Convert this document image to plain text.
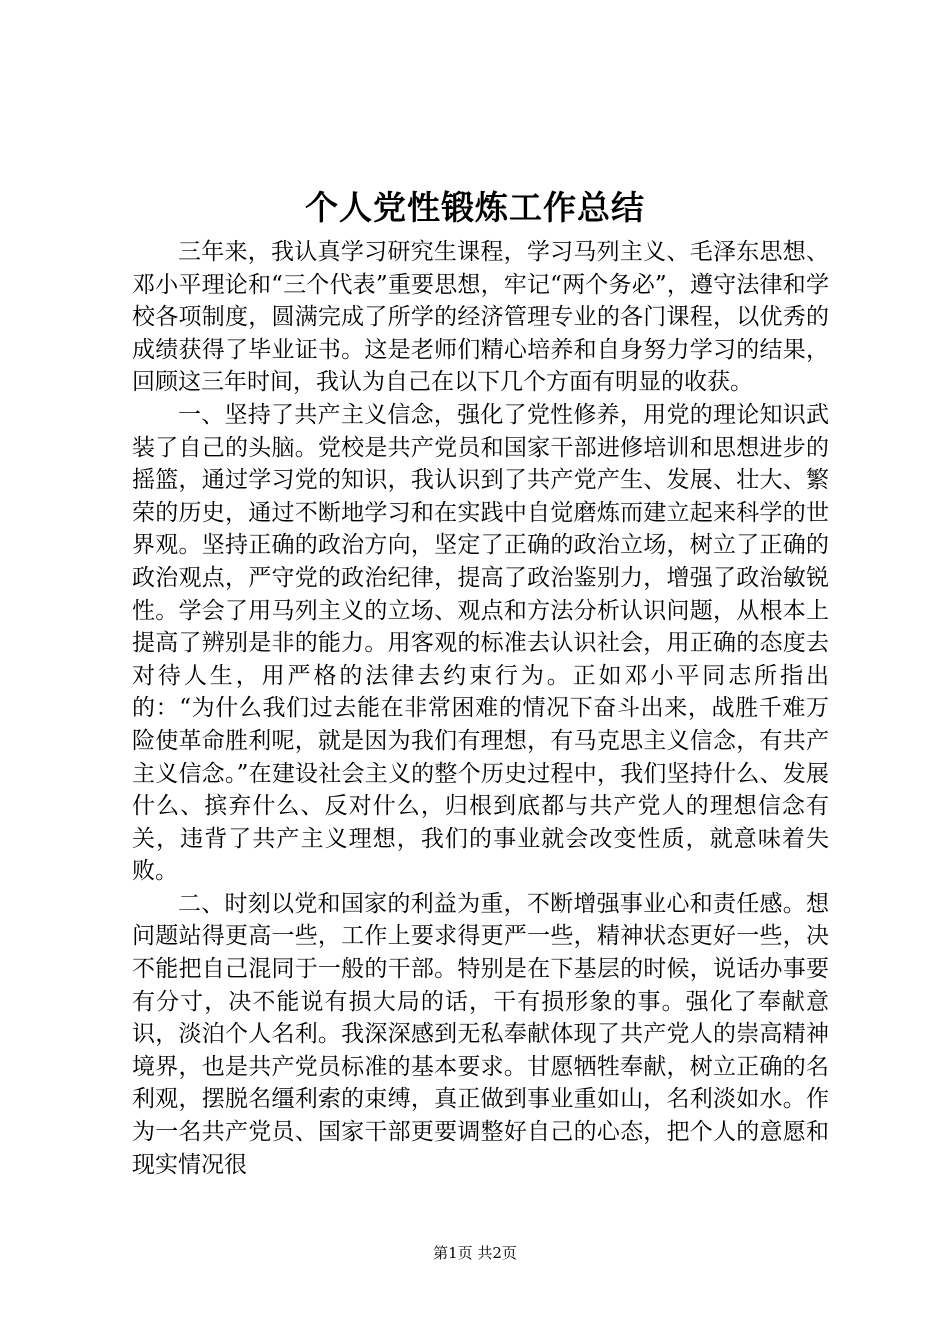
个人党性锻炼工作总结

三年来，我认真学习研究生课程，学习马列主义、毛泽东思想、邓小平理论和“三个代表”重要思想，牢记“两个务必”，遵守法律和学校各项制度，圆满完成了所学的经济管理专业的各门课程，以优秀的成绩获得了毕业证书。这是老师们精心培养和自身努力学习的结果，回顾这三年时间，我认为自己在以下几个方面有明显的收获。

一、坚持了共产主义信念，强化了党性修养，用党的理论知识武装了自己的头脑。党校是共产党员和国家干部进修培训和思想进步的摇篮，通过学习党的知识，我认识到了共产党产生、发展、壮大、繁荣的历史，通过不断地学习和在实践中自觉磨炼而建立起来科学的世界观。坚持正确的政治方向，坚定了正确的政治立场，树立了正确的政治观点，严守党的政治纪律，提高了政治鉴别力，增强了政治敏锐性。学会了用马列主义的立场、观点和方法分析认识问题，从根本上提高了辨别是非的能力。用客观的标准去认识社会，用正确的态度去对待人生，用严格的法律去约束行为。正如邓小平同志所指出的：“为什么我们过去能在非常困难的情况下奋斗出来，战胜千难万险使革命胜利呢，就是因为我们有理想，有马克思主义信念，有共产主义信念。”在建设社会主义的整个历史过程中，我们坚持什么、发展什么、摈弃什么、反对什么，归根到底都与共产党人的理想信念有关，违背了共产主义理想，我们的事业就会改变性质，就意味着失败。

二、时刻以党和国家的利益为重，不断增强事业心和责任感。想问题站得更高一些，工作上要求得更严一些，精神状态更好一些，决不能把自己混同于一般的干部。特别是在下基层的时候，说话办事要有分寸，决不能说有损大局的话，干有损形象的事。强化了奉献意识，淡泊个人名利。我深深感到无私奉献体现了共产党人的崇高精神境界，也是共产党员标准的基本要求。甘愿牺牲奉献，树立正确的名利观，摆脱名缰利索的束缚，真正做到事业重如山，名利淡如水。作为一名共产党员、国家干部更要调整好自己的心态，把个人的意愿和现实情况很

第1页 共2页
